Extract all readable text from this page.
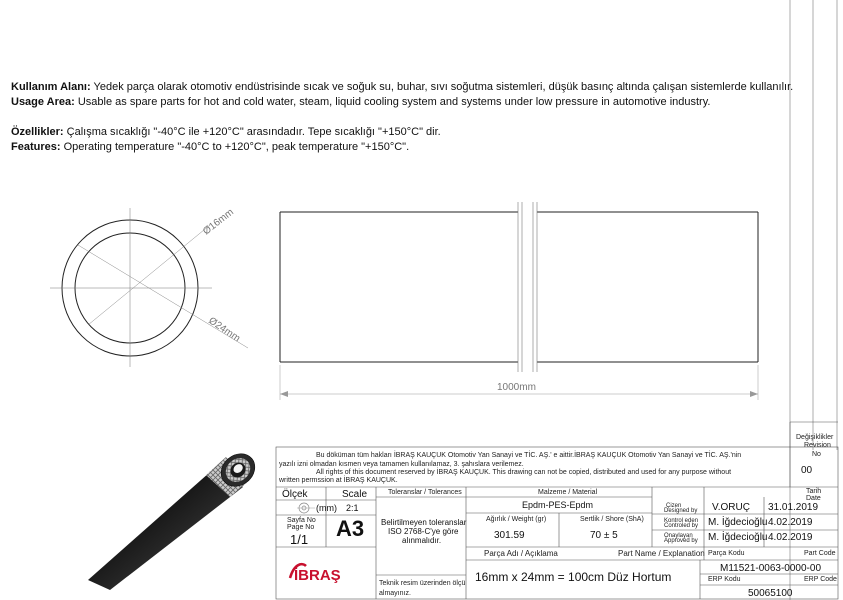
Kullanım Alanı: Yedek parça olarak otomotiv endüstrisinde sıcak ve soğuk su, buhar, sıvı soğutma sistemleri, düşük basınç altında çalışan sistemlerde kullanılır.
Usage Area: Usable as spare parts for hot and cold water, steam, liquid cooling system and systems under low pressure in automotive industry.
Özellikler: Çalışma sıcaklığı "-40°C ile +120°C" arasındadır. Tepe sıcaklığı "+150°C" dir.
Features: Operating temperature "-40°C to +120°C", peak temperature "+150°C".
Ø16mm
Ø24mm
1000mm
Bu döküman tüm hakları İBRAŞ KAUÇUK Otomotiv Yan Sanayi ve TİC. AŞ.' e aittir.İBRAŞ KAUÇUK Otomotiv Yan Sanayi ve TİC. AŞ.'nin
yazılı izni olmadan kısmen veya tamamen kullanılamaz, 3. şahıslara verilemez.
All rights of this document reserved by İBRAŞ KAUÇUK. This drawing can not be copied, distributed and used for any purpose without
written permssion at İBRAŞ KAUÇUK.
Değişiklikler
Revision
No
00
Tarih
Date
Ölçek	Scale
(mm) 2:1
Sayfa No
Page No
1/1 A3
İBRAŞ
Toleranslar / Tolerances
Belirtilmeyen toleranslar
ISO 2768-C'ye göre
alınmalıdır.
Teknik resim üzerinden ölçü
almayınız.
Malzeme / Material
Epdm-PES-Epdm
Ağırlık / Weight (gr)
301.59
Sertlik / Shore (ShA)
70 ± 5
Çizen
Designed by V.ORUÇ 31.01.2019
Kontrol eden
Controled by M. İğdecioğlu 4.02.2019
Onaylayan
Approved by M. İğdecioğlu 4.02.2019
Parça Adı / Açıklama	Part Name / Explanation
16mm x 24mm = 100cm Düz Hortum
Parça Kodu	Part Code
M11521-0063-0000-00
ERP Kodu	ERP Code
50065100
